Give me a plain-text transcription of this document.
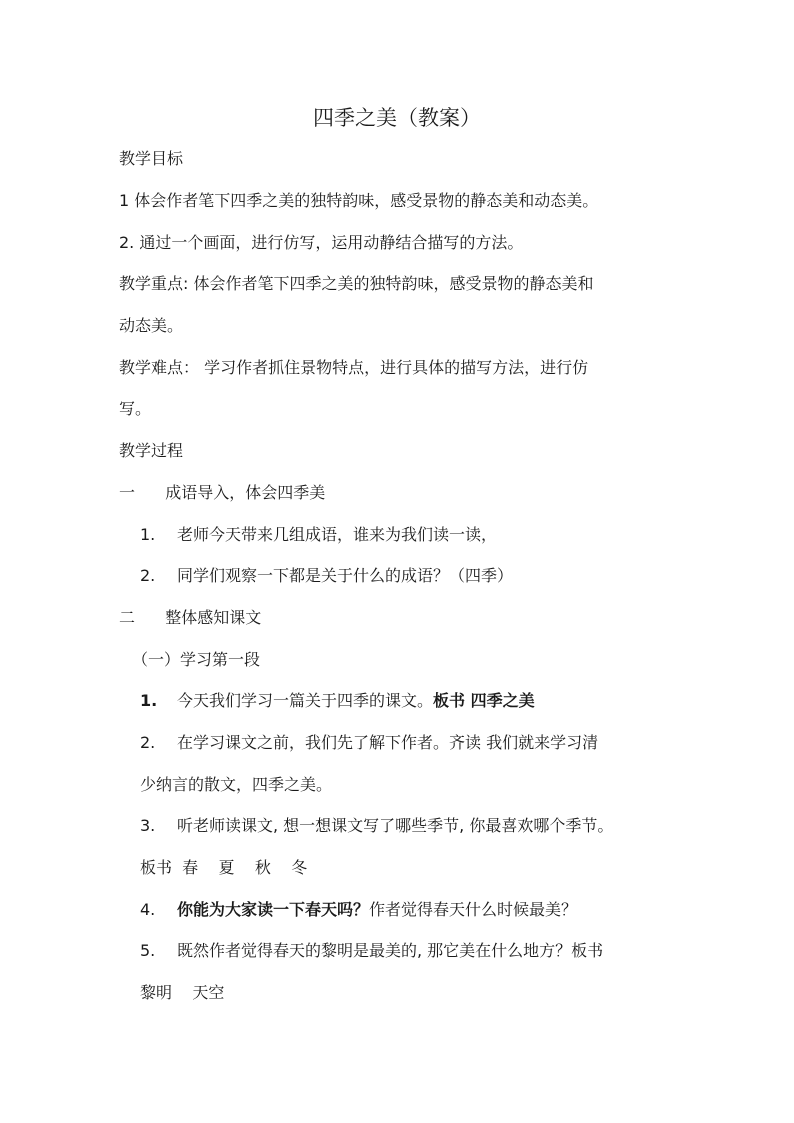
四季之美（教案）
教学目标
1 体会作者笔下四季之美的独特韵味，感受景物的静态美和动态美。
2. 通过一个画面，进行仿写，运用动静结合描写的方法。
教学重点: 体会作者笔下四季之美的独特韵味，感受景物的静态美和
动态美。
教学难点： 学习作者抓住景物特点，进行具体的描写方法，进行仿
写。
教学过程
一 成语导入，体会四季美
1. 老师今天带来几组成语，谁来为我们读一读，
2. 同学们观察一下都是关于什么的成语？（四季）
二 整体感知课文
（一）学习第一段
1. 今天我们学习一篇关于四季的课文。板书 四季之美
2. 在学习课文之前，我们先了解下作者。齐读 我们就来学习清
少纳言的散文，四季之美。
3. 听老师读课文, 想一想课文写了哪些季节, 你最喜欢哪个季节。
板书  春    夏    秋    冬
4. 你能为大家读一下春天吗？作者觉得春天什么时候最美？
5. 既然作者觉得春天的黎明是最美的, 那它美在什么地方？板书
黎明    天空
